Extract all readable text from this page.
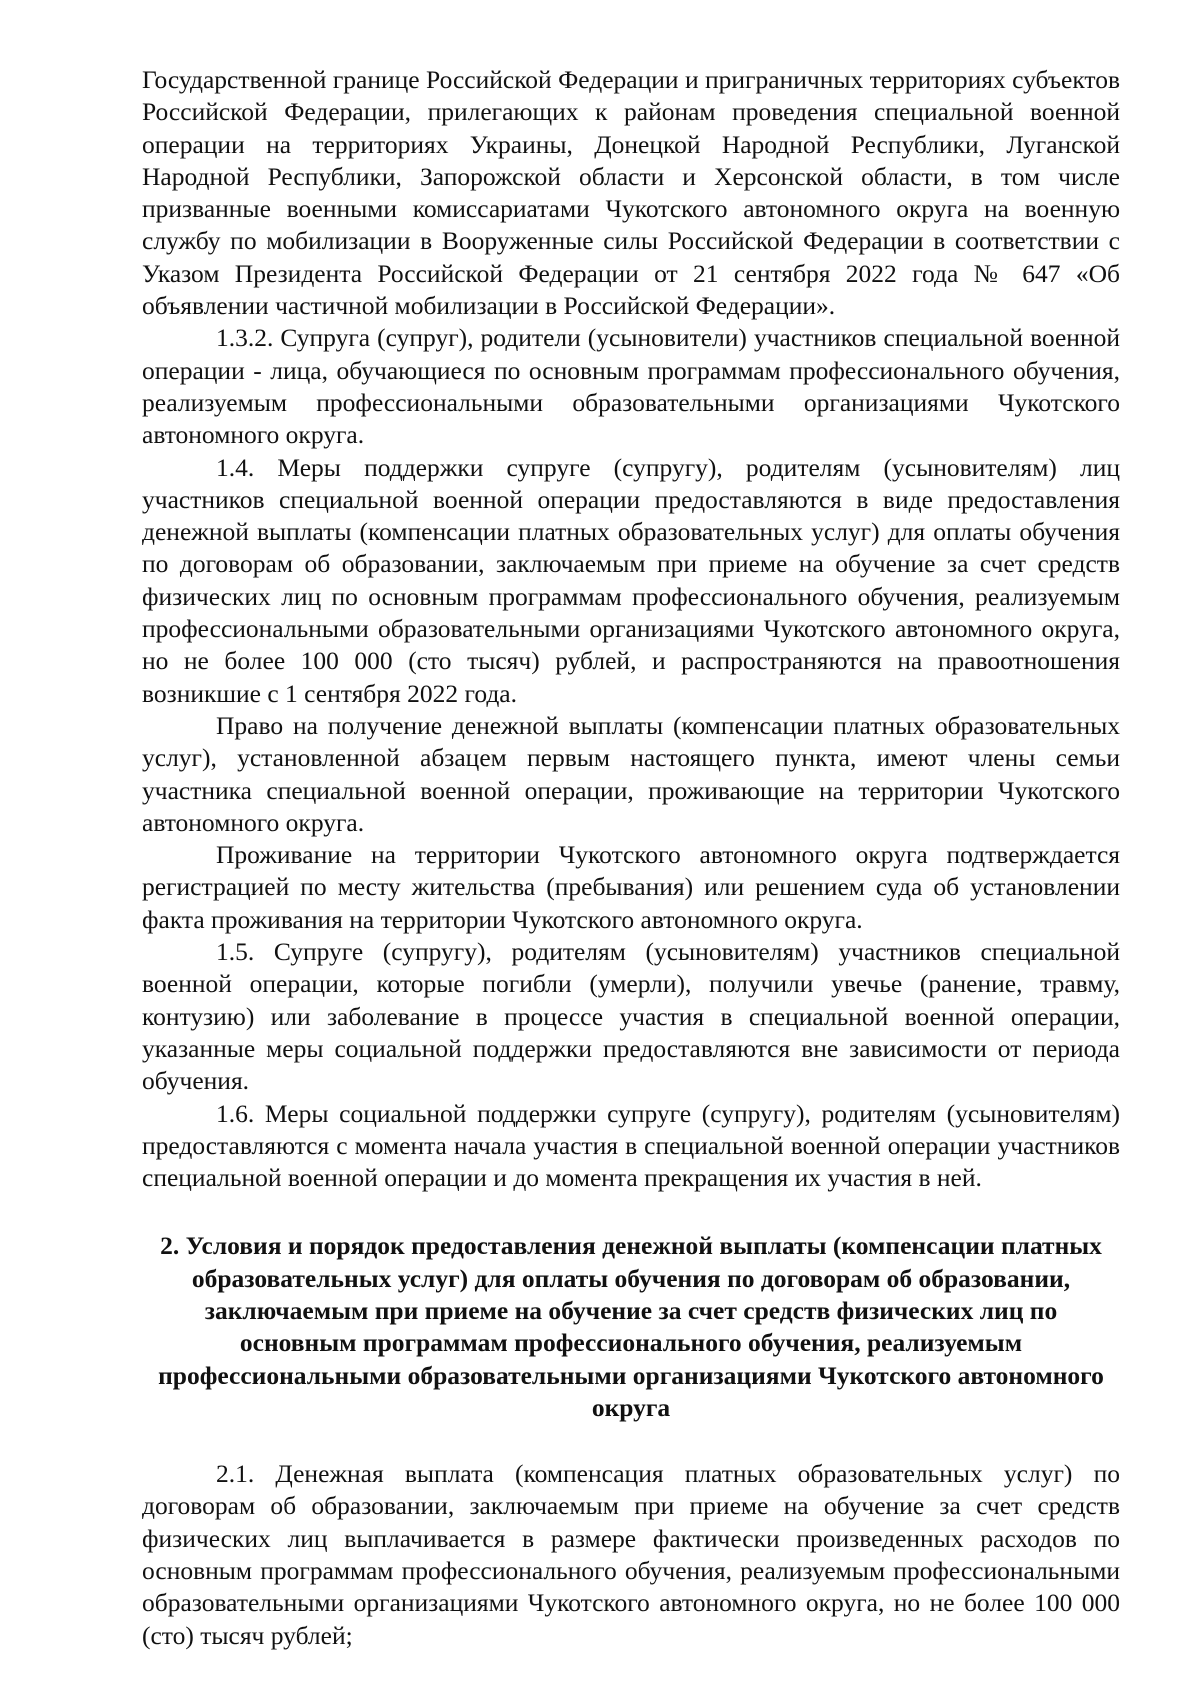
Государственной границе Российской Федерации и приграничных территориях субъектов Российской Федерации, прилегающих к районам проведения специальной военной операции на территориях Украины, Донецкой Народной Республики, Луганской Народной Республики, Запорожской области и Херсонской области, в том числе призванные военными комиссариатами Чукотского автономного округа на военную службу по мобилизации в Вооруженные силы Российской Федерации в соответствии с Указом Президента Российской Федерации от 21 сентября 2022 года № 647 «Об объявлении частичной мобилизации в Российской Федерации».

1.3.2. Супруга (супруг), родители (усыновители) участников специальной военной операции - лица, обучающиеся по основным программам профессионального обучения, реализуемым профессиональными образовательными организациями Чукотского автономного округа.

1.4. Меры поддержки супруге (супругу), родителям (усыновителям) лиц участников специальной военной операции предоставляются в виде предоставления денежной выплаты (компенсации платных образовательных услуг) для оплаты обучения по договорам об образовании, заключаемым при приеме на обучение за счет средств физических лиц по основным программам профессионального обучения, реализуемым профессиональными образовательными организациями Чукотского автономного округа, но не более 100 000 (сто тысяч) рублей, и распространяются на правоотношения возникшие с 1 сентября 2022 года.

Право на получение денежной выплаты (компенсации платных образовательных услуг), установленной абзацем первым настоящего пункта, имеют члены семьи участника специальной военной операции, проживающие на территории Чукотского автономного округа.

Проживание на территории Чукотского автономного округа подтверждается регистрацией по месту жительства (пребывания) или решением суда об установлении факта проживания на территории Чукотского автономного округа.

1.5. Супруге (супругу), родителям (усыновителям) участников специальной военной операции, которые погибли (умерли), получили увечье (ранение, травму, контузию) или заболевание в процессе участия в специальной военной операции, указанные меры социальной поддержки предоставляются вне зависимости от периода обучения.

1.6. Меры социальной поддержки супруге (супругу), родителям (усыновителям) предоставляются с момента начала участия в специальной военной операции участников специальной военной операции и до момента прекращения их участия в ней.

2. Условия и порядок предоставления денежной выплаты (компенсации платных образовательных услуг) для оплаты обучения по договорам об образовании, заключаемым при приеме на обучение за счет средств физических лиц по основным программам профессионального обучения, реализуемым профессиональными образовательными организациями Чукотского автономного округа

2.1. Денежная выплата (компенсация платных образовательных услуг) по договорам об образовании, заключаемым при приеме на обучение за счет средств физических лиц выплачивается в размере фактически произведенных расходов по основным программам профессионального обучения, реализуемым профессиональными образовательными организациями Чукотского автономного округа, но не более 100 000 (сто) тысяч рублей;
